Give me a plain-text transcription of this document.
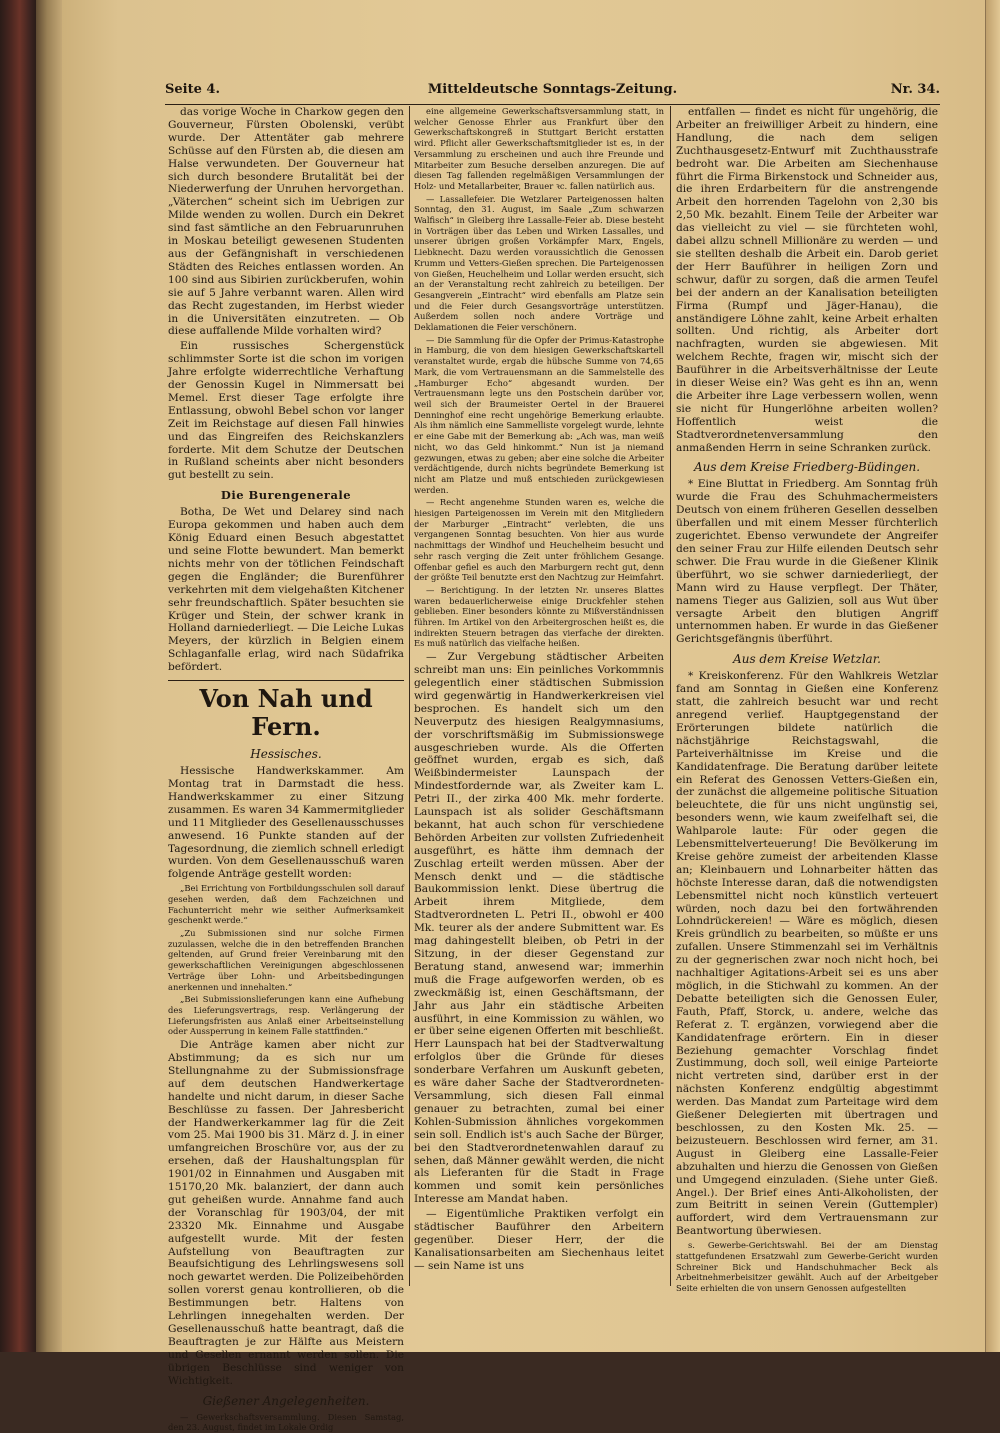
Seite 4.	Mitteldeutsche Sonntags-Zeitung.	Nr. 34.

das vorige Woche in Charkow gegen den Gouverneur, Fürsten Obolenski, verübt wurde. Der Attentäter gab mehrere Schüsse auf den Fürsten ab, die diesen am Halse verwundeten. Der Gouverneur hat sich durch besondere Brutalität bei der Niederwerfung der Unruhen hervorgethan. „Väterchen“ scheint sich im Uebrigen zur Milde wenden zu wollen. Durch ein Dekret sind fast sämtliche an den Februarunruhen in Moskau beteiligt gewesenen Studenten aus der Gefängnishaft in verschiedenen Städten des Reiches entlassen worden. An 100 sind aus Sibirien zurückberufen, wohin sie auf 5 Jahre verbannt waren. Allen wird das Recht zugestanden, im Herbst wieder in die Universitäten einzutreten. — Ob diese auffallende Milde vorhalten wird?

Ein russisches Schergenstück schlimmster Sorte ist die schon im vorigen Jahre erfolgte widerrechtliche Verhaftung der Genossin Kugel in Nimmersatt bei Memel. Erst dieser Tage erfolgte ihre Entlassung, obwohl Bebel schon vor langer Zeit im Reichstage auf diesen Fall hinwies und das Eingreifen des Reichskanzlers forderte. Mit dem Schutze der Deutschen in Rußland scheints aber nicht besonders gut bestellt zu sein.

Die Burengenerale

Botha, De Wet und Delarey sind nach Europa gekommen und haben auch dem König Eduard einen Besuch abgestattet und seine Flotte bewundert. Man bemerkt nichts mehr von der tötlichen Feindschaft gegen die Engländer; die Burenführer verkehrten mit dem vielgehaßten Kitchener sehr freundschaftlich. Später besuchten sie Krüger und Stein, der schwer krank in Holland darniederliegt. — Die Leiche Lukas Meyers, der kürzlich in Belgien einem Schlaganfalle erlag, wird nach Südafrika befördert.

Von Nah und Fern.

Hessisches.

Hessische Handwerkskammer. Am Montag trat in Darmstadt die hess. Handwerkskammer zu einer Sitzung zusammen. Es waren 34 Kammermitglieder und 11 Mitglieder des Gesellenausschusses anwesend. 16 Punkte standen auf der Tagesordnung, die ziemlich schnell erledigt wurden. Von dem Gesellenausschuß waren folgende Anträge gestellt worden:

„Bei Errichtung von Fortbildungsschulen soll darauf gesehen werden, daß dem Fachzeichnen und Fachunterricht mehr wie seither Aufmerksamkeit geschenkt werde.“

„Zu Submissionen sind nur solche Firmen zuzulassen, welche die in den betreffenden Branchen geltenden, auf Grund freier Vereinbarung mit den gewerkschaftlichen Vereinigungen abgeschlossenen Verträge über Lohn- und Arbeitsbedingungen anerkennen und innehalten.“

„Bei Submissionslieferungen kann eine Aufhebung des Lieferungsvertrags, resp. Verlängerung der Lieferungsfristen aus Anlaß einer Arbeitseinstellung oder Aussperrung in keinem Falle stattfinden.“

Die Anträge kamen aber nicht zur Abstimmung; da es sich nur um Stellungnahme zu der Submissionsfrage auf dem deutschen Handwerkertage handelte und nicht darum, in dieser Sache Beschlüsse zu fassen. Der Jahresbericht der Handwerkerkammer lag für die Zeit vom 25. Mai 1900 bis 31. März d. J. in einer umfangreichen Broschüre vor, aus der zu ersehen, daß der Haushaltungsplan für 1901/02 in Einnahmen und Ausgaben mit 15170,20 Mk. balanziert, der dann auch gut geheißen wurde. Annahme fand auch der Voranschlag für 1903/04, der mit 23320 Mk. Einnahme und Ausgabe aufgestellt wurde. Mit der festen Aufstellung von Beauftragten zur Beaufsichtigung des Lehrlingswesens soll noch gewartet werden. Die Polizeibehörden sollen vorerst genau kontrollieren, ob die Bestimmungen betr. Haltens von Lehrlingen innegehalten werden. Der Gesellenausschuß hatte beantragt, daß die Beauftragten je zur Hälfte aus Meistern und Gesellen ernannt werden sollen. Die übrigen Beschlüsse sind weniger von Wichtigkeit.

Gießener Angelegenheiten.

— Gewerkschaftsversammlung. Diesen Samstag, den 23. August, findet im Lokale Ordig

eine allgemeine Gewerkschaftsversammlung statt, in welcher Genosse Ehrler aus Frankfurt über den Gewerkschaftskongreß in Stuttgart Bericht erstatten wird. Pflicht aller Gewerkschaftsmitglieder ist es, in der Versammlung zu erscheinen und auch ihre Freunde und Mitarbeiter zum Besuche derselben anzuregen. Die auf diesen Tag fallenden regelmäßigen Versammlungen der Holz- und Metallarbeiter, Brauer ꝛc. fallen natürlich aus.

— Lassallefeier. Die Wetzlarer Parteigenossen halten Sonntag, den 31. August, im Saale „Zum schwarzen Walfisch“ in Gleiberg ihre Lassalle-Feier ab. Diese besteht in Vorträgen über das Leben und Wirken Lassalles, und unserer übrigen großen Vorkämpfer Marx, Engels, Liebknecht. Dazu werden voraussichtlich die Genossen Krumm und Vetters-Gießen sprechen. Die Parteigenossen von Gießen, Heuchelheim und Lollar werden ersucht, sich an der Veranstaltung recht zahlreich zu beteiligen. Der Gesangverein „Eintracht“ wird ebenfalls am Platze sein und die Feier durch Gesangsvorträge unterstützen. Außerdem sollen noch andere Vorträge und Deklamationen die Feier verschönern.

— Die Sammlung für die Opfer der Primus-Katastrophe in Hamburg, die von dem hiesigen Gewerkschaftskartell veranstaltet wurde, ergab die hübsche Summe von 74,65 Mark, die vom Vertrauensmann an die Sammelstelle des „Hamburger Echo“ abgesandt wurden. Der Vertrauensmann legte uns den Postschein darüber vor, weil sich der Braumeister Oertel in der Brauerei Denninghof eine recht ungehörige Bemerkung erlaubte. Als ihm nämlich eine Sammelliste vorgelegt wurde, lehnte er eine Gabe mit der Bemerkung ab: „Ach was, man weiß nicht, wo das Geld hinkommt.“ Nun ist ja niemand gezwungen, etwas zu geben; aber eine solche die Arbeiter verdächtigende, durch nichts begründete Bemerkung ist nicht am Platze und muß entschieden zurückgewiesen werden.

— Recht angenehme Stunden waren es, welche die hiesigen Parteigenossen im Verein mit den Mitgliedern der Marburger „Eintracht“ verlebten, die uns vergangenen Sonntag besuchten. Von hier aus wurde nachmittags der Windhof und Heuchelheim besucht und sehr rasch verging die Zeit unter fröhlichem Gesange. Offenbar gefiel es auch den Marburgern recht gut, denn der größte Teil benutzte erst den Nachtzug zur Heimfahrt.

— Berichtigung. In der letzten Nr. unseres Blattes waren bedauerlicherweise einige Druckfehler stehen geblieben. Einer besonders könnte zu Mißverständnissen führen. Im Artikel von den Arbeitergroschen heißt es, die indirekten Steuern betragen das vierfache der direkten. Es muß natürlich das vielfache heißen.

— Zur Vergebung städtischer Arbeiten schreibt man uns: Ein peinliches Vorkommnis gelegentlich einer städtischen Submission wird gegenwärtig in Handwerkerkreisen viel besprochen. Es handelt sich um den Neuverputz des hiesigen Realgymnasiums, der vorschriftsmäßig im Submissionswege ausgeschrieben wurde. Als die Offerten geöffnet wurden, ergab es sich, daß Weißbindermeister Launspach der Mindestfordernde war, als Zweiter kam L. Petri II., der zirka 400 Mk. mehr forderte. Launspach ist als solider Geschäftsmann bekannt, hat auch schon für verschiedene Behörden Arbeiten zur vollsten Zufriedenheit ausgeführt, es hätte ihm demnach der Zuschlag erteilt werden müssen. Aber der Mensch denkt und — die städtische Baukommission lenkt. Diese übertrug die Arbeit ihrem Mitgliede, dem Stadtverordneten L. Petri II., obwohl er 400 Mk. teurer als der andere Submittent war. Es mag dahingestellt bleiben, ob Petri in der Sitzung, in der dieser Gegenstand zur Beratung stand, anwesend war; immerhin muß die Frage aufgeworfen werden, ob es zweckmäßig ist, einen Geschäftsmann, der Jahr aus Jahr ein städtische Arbeiten ausführt, in eine Kommission zu wählen, wo er über seine eigenen Offerten mit beschließt. Herr Launspach hat bei der Stadtverwaltung erfolglos über die Gründe für dieses sonderbare Verfahren um Auskunft gebeten, es wäre daher Sache der Stadtverordneten-Versammlung, sich diesen Fall einmal genauer zu betrachten, zumal bei einer Kohlen-Submission ähnliches vorgekommen sein soll. Endlich ist's auch Sache der Bürger, bei den Stadtverordnetenwahlen darauf zu sehen, daß Männer gewählt werden, die nicht als Lieferanten für die Stadt in Frage kommen und somit kein persönliches Interesse am Mandat haben.

— Eigentümliche Praktiken verfolgt ein städtischer Bauführer den Arbeitern gegenüber. Dieser Herr, der die Kanalisationsarbeiten am Siechenhaus leitet — sein Name ist uns

entfallen — findet es nicht für ungehörig, die Arbeiter an freiwilliger Arbeit zu hindern, eine Handlung, die nach dem seligen Zuchthausgesetz-Entwurf mit Zuchthausstrafe bedroht war. Die Arbeiten am Siechenhause führt die Firma Birkenstock und Schneider aus, die ihren Erdarbeitern für die anstrengende Arbeit den horrenden Tagelohn von 2,30 bis 2,50 Mk. bezahlt. Einem Teile der Arbeiter war das vielleicht zu viel — sie fürchteten wohl, dabei allzu schnell Millionäre zu werden — und sie stellten deshalb die Arbeit ein. Darob geriet der Herr Bauführer in heiligen Zorn und schwur, dafür zu sorgen, daß die armen Teufel bei der andern an der Kanalisation beteiligten Firma (Rumpf und Jäger-Hanau), die anständigere Löhne zahlt, keine Arbeit erhalten sollten. Und richtig, als Arbeiter dort nachfragten, wurden sie abgewiesen. Mit welchem Rechte, fragen wir, mischt sich der Bauführer in die Arbeitsverhältnisse der Leute in dieser Weise ein? Was geht es ihn an, wenn die Arbeiter ihre Lage verbessern wollen, wenn sie nicht für Hungerlöhne arbeiten wollen? Hoffentlich weist die Stadtverordnetenversammlung den anmaßenden Herrn in seine Schranken zurück.

Aus dem Kreise Friedberg-Büdingen.

* Eine Bluttat in Friedberg. Am Sonntag früh wurde die Frau des Schuhmachermeisters Deutsch von einem früheren Gesellen desselben überfallen und mit einem Messer fürchterlich zugerichtet. Ebenso verwundete der Angreifer den seiner Frau zur Hilfe eilenden Deutsch sehr schwer. Die Frau wurde in die Gießener Klinik überführt, wo sie schwer darniederliegt, der Mann wird zu Hause verpflegt. Der Thäter, namens Tieger aus Galizien, soll aus Wut über versagte Arbeit den blutigen Angriff unternommen haben. Er wurde in das Gießener Gerichtsgefängnis überführt.

Aus dem Kreise Wetzlar.

* Kreiskonferenz. Für den Wahlkreis Wetzlar fand am Sonntag in Gießen eine Konferenz statt, die zahlreich besucht war und recht anregend verlief. Hauptgegenstand der Erörterungen bildete natürlich die nächstjährige Reichstagswahl, die Parteiverhältnisse im Kreise und die Kandidatenfrage. Die Beratung darüber leitete ein Referat des Genossen Vetters-Gießen ein, der zunächst die allgemeine politische Situation beleuchtete, die für uns nicht ungünstig sei, besonders wenn, wie kaum zweifelhaft sei, die Wahlparole laute: Für oder gegen die Lebensmittelverteuerung! Die Bevölkerung im Kreise gehöre zumeist der arbeitenden Klasse an; Kleinbauern und Lohnarbeiter hätten das höchste Interesse daran, daß die notwendigsten Lebensmittel nicht noch künstlich verteuert würden, noch dazu bei den fortwährenden Lohndrückereien! — Wäre es möglich, diesen Kreis gründlich zu bearbeiten, so müßte er uns zufallen. Unsere Stimmenzahl sei im Verhältnis zu der gegnerischen zwar noch nicht hoch, bei nachhaltiger Agitations-Arbeit sei es uns aber möglich, in die Stichwahl zu kommen. An der Debatte beteiligten sich die Genossen Euler, Fauth, Pfaff, Storck, u. andere, welche das Referat z. T. ergänzen, vorwiegend aber die Kandidatenfrage erörtern. Ein in dieser Beziehung gemachter Vorschlag findet Zustimmung, doch soll, weil einige Parteiorte nicht vertreten sind, darüber erst in der nächsten Konferenz endgültig abgestimmt werden. Das Mandat zum Parteitage wird dem Gießener Delegierten mit übertragen und beschlossen, zu den Kosten Mk. 25. — beizusteuern. Beschlossen wird ferner, am 31. August in Gleiberg eine Lassalle-Feier abzuhalten und hierzu die Genossen von Gießen und Umgegend einzuladen. (Siehe unter Gieß. Angel.). Der Brief eines Anti-Alkoholisten, der zum Beitritt in seinen Verein (Guttempler) auffordert, wird dem Vertrauensmann zur Beantwortung überwiesen.

s. Gewerbe-Gerichtswahl. Bei der am Dienstag stattgefundenen Ersatzwahl zum Gewerbe-Gericht wurden Schreiner Bick und Handschuhmacher Beck als Arbeitnehmerbeisitzer gewählt. Auch auf der Arbeitgeber Seite erhielten die von unsern Genossen aufgestellten
